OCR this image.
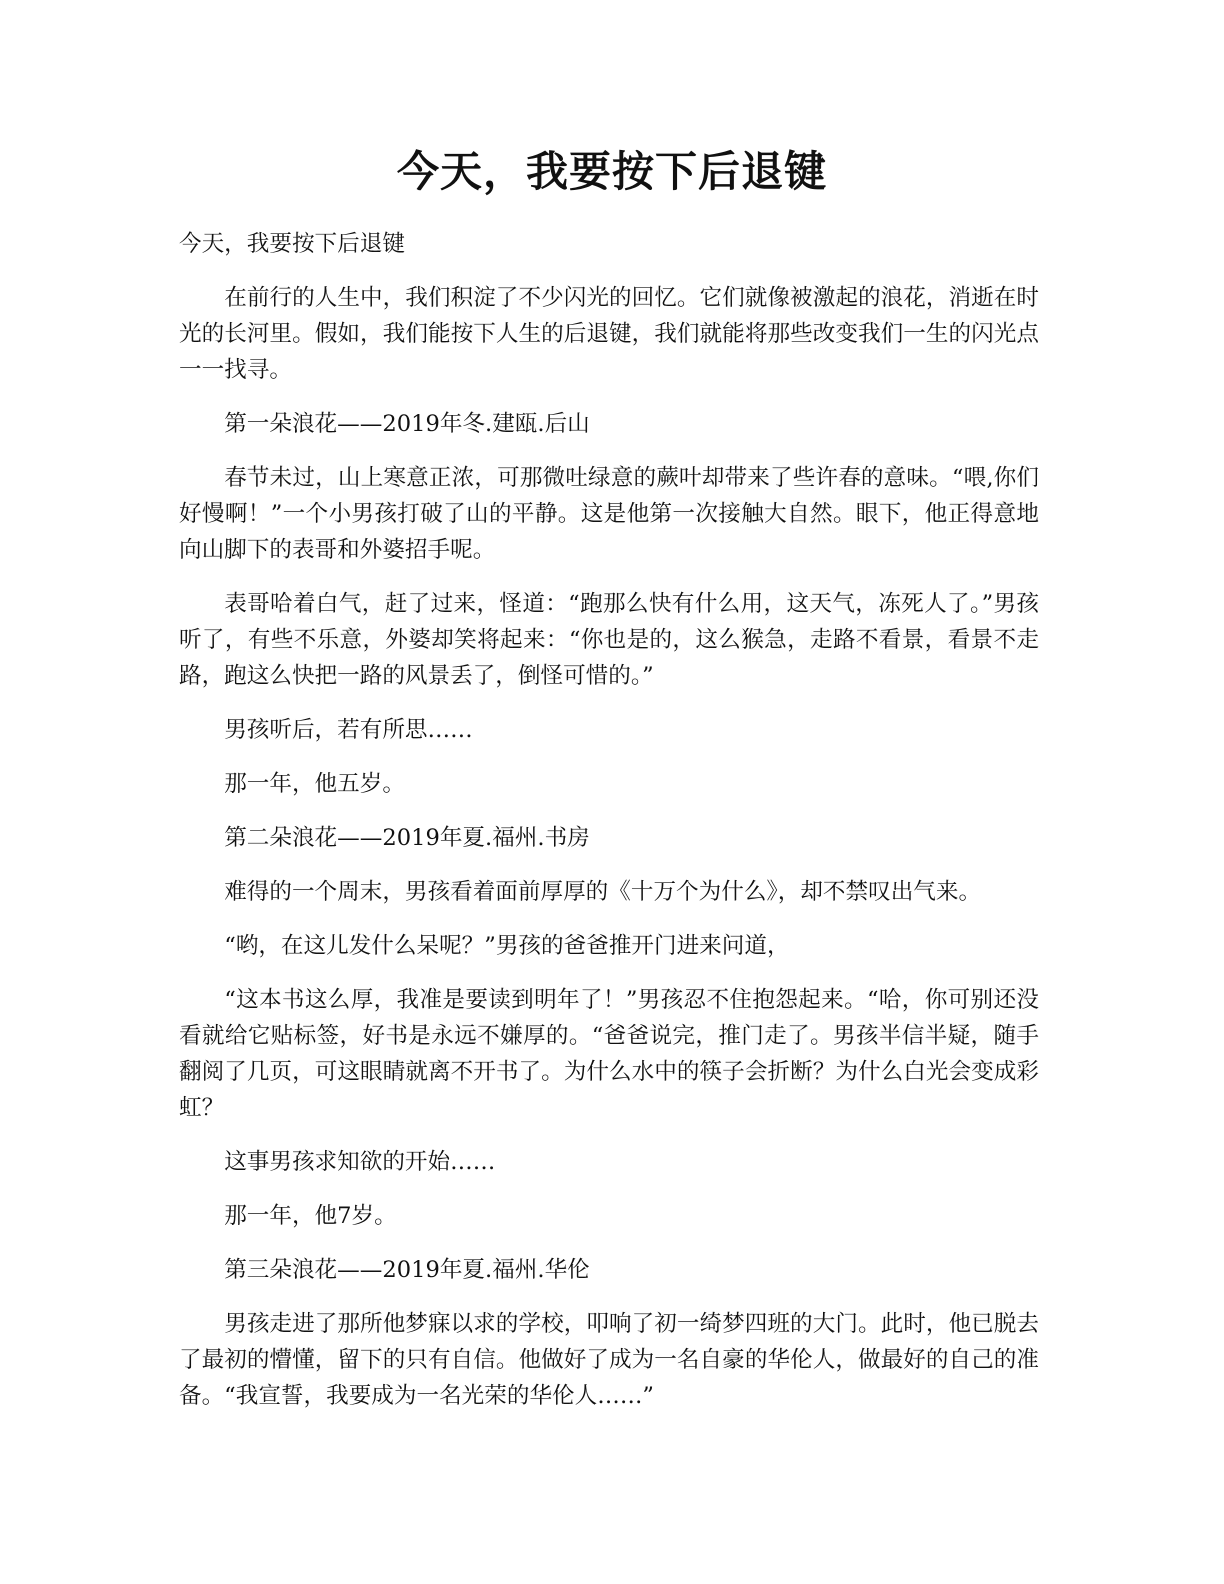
今天，我要按下后退键

今天，我要按下后退键

在前行的人生中，我们积淀了不少闪光的回忆。它们就像被激起的浪花，消逝在时光的长河里。假如，我们能按下人生的后退键，我们就能将那些改变我们一生的闪光点一一找寻。

第一朵浪花——2019年冬.建瓯.后山

春节未过，山上寒意正浓，可那微吐绿意的蕨叶却带来了些许春的意味。“喂,你们好慢啊！”一个小男孩打破了山的平静。这是他第一次接触大自然。眼下，他正得意地向山脚下的表哥和外婆招手呢。

表哥哈着白气，赶了过来，怪道：“跑那么快有什么用，这天气，冻死人了。”男孩听了，有些不乐意，外婆却笑将起来：“你也是的，这么猴急，走路不看景，看景不走路，跑这么快把一路的风景丢了，倒怪可惜的。”

男孩听后，若有所思……

那一年，他五岁。

第二朵浪花——2019年夏.福州.书房

难得的一个周末，男孩看着面前厚厚的《十万个为什么》，却不禁叹出气来。

“哟，在这儿发什么呆呢？”男孩的爸爸推开门进来问道，

“这本书这么厚，我准是要读到明年了！”男孩忍不住抱怨起来。“哈，你可别还没看就给它贴标签，好书是永远不嫌厚的。“爸爸说完，推门走了。男孩半信半疑，随手翻阅了几页，可这眼睛就离不开书了。为什么水中的筷子会折断？为什么白光会变成彩虹？

这事男孩求知欲的开始……

那一年，他7岁。

第三朵浪花——2019年夏.福州.华伦

男孩走进了那所他梦寐以求的学校，叩响了初一绮梦四班的大门。此时，他已脱去了最初的懵懂，留下的只有自信。他做好了成为一名自豪的华伦人，做最好的自己的准备。“我宣誓，我要成为一名光荣的华伦人……”
